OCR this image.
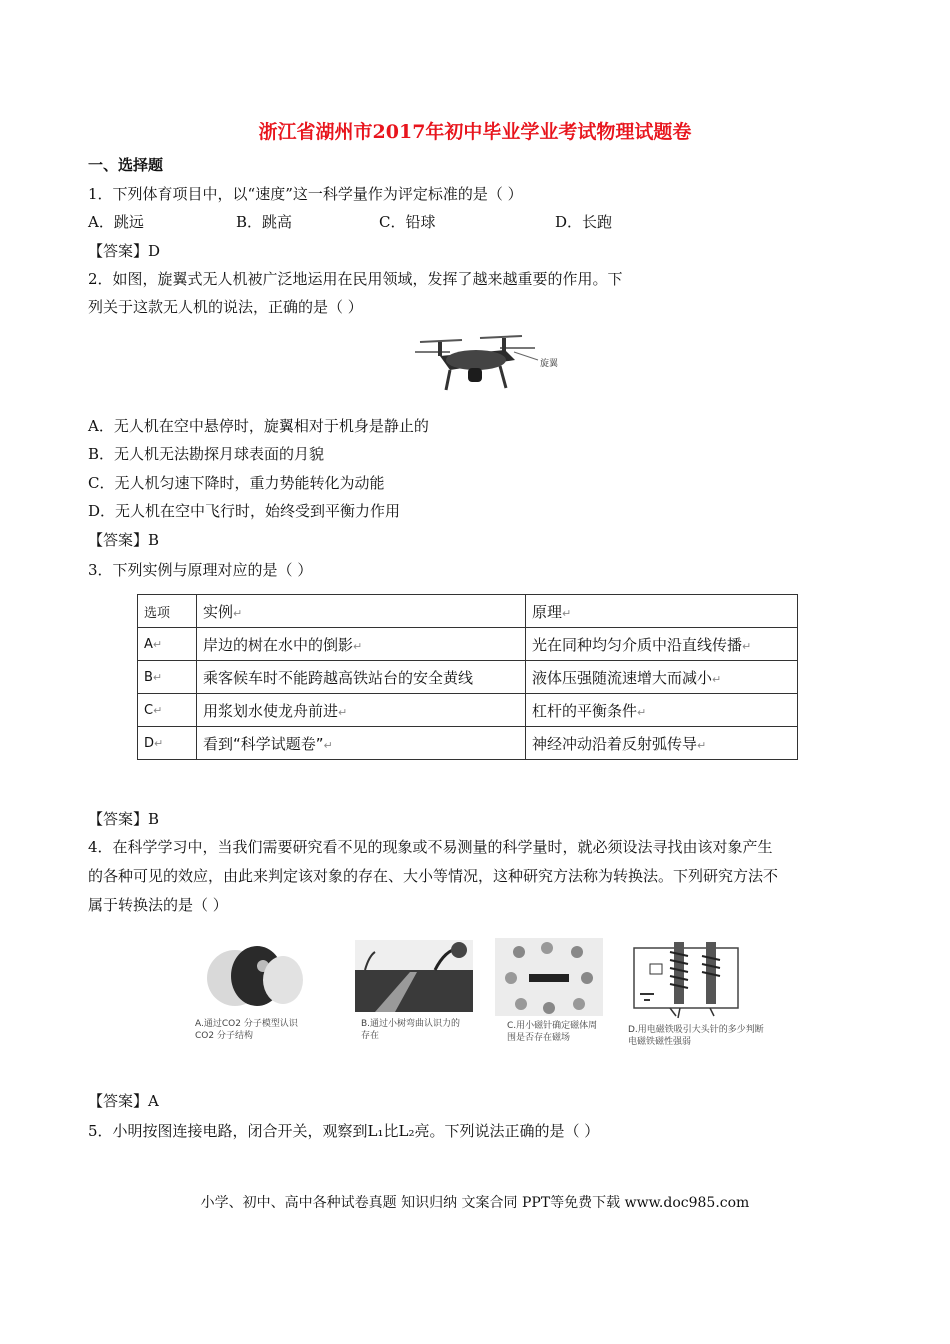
浙江省湖州市2017年初中毕业学业考试物理试题卷
一、选择题
1．下列体育项目中，以“速度”这一科学量作为评定标准的是（ ）
A．跳远	B．跳高	C．铅球	D．长跑
【答案】D
2．如图，旋翼式无人机被广泛地运用在民用领域，发挥了越来越重要的作用。下
列关于这款无人机的说法，正确的是（ ）
旋翼
A．无人机在空中悬停时，旋翼相对于机身是静止的
B．无人机无法勘探月球表面的月貌
C．无人机匀速下降时，重力势能转化为动能
D．无人机在空中飞行时，始终受到平衡力作用
【答案】B
3．下列实例与原理对应的是（ ）
选项	实例↵	原理↵
A↵	岸边的树在水中的倒影↵	光在同种均匀介质中沿直线传播↵
B↵	乘客候车时不能跨越高铁站台的安全黄线	液体压强随流速增大而减小↵
C↵	用浆划水使龙舟前进↵	杠杆的平衡条件↵
D↵	看到“科学试题卷”↵	神经冲动沿着反射弧传导↵
【答案】B
4．在科学学习中，当我们需要研究看不见的现象或不易测量的科学量时，就必须设法寻找由该对象产生
的各种可见的效应，由此来判定该对象的存在、大小等情况，这种研究方法称为转换法。下列研究方法不
属于转换法的是（ ）
A.通过CO2 分子模型认识CO2 分子结构
B.通过小树弯曲认识力的存在
C.用小磁针确定磁体周围是否存在磁场
D.用电磁铁吸引大头针的多少判断电磁铁磁性强弱
【答案】A
5．小明按图连接电路，闭合开关，观察到L₁比L₂亮。下列说法正确的是（ ）
小学、初中、高中各种试卷真题 知识归纳 文案合同 PPT等免费下载 www.doc985.com
